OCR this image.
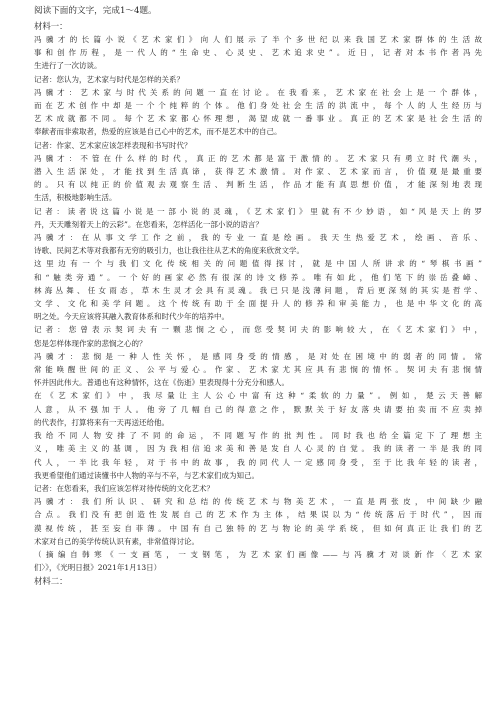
阅读下面的文字，完成1～4题。
材料一：
冯骥才的长篇小说《艺术家们》向人们展示了半个多世纪以来我国艺术家群体的生活故
事和创作历程，是一代人的“生命史、心灵史、艺术追求史”。近日，记者对本书作者冯先
生进行了一次访谈。
记者：您认为，艺术家与时代是怎样的关系？
冯骥才：艺术家与时代关系的问题一直在讨论。在我看来，艺术家在社会上是一个群体，
而在艺术创作中却是一个个纯粹的个体。他们身处社会生活的洪流中，每个人的人生经历与
艺术成就都不同。每个艺术家都心怀理想，渴望成就一番事业。真正的艺术家是社会生活的
奉献者而非索取者，热爱的应该是自己心中的艺术，而不是艺术中的自己。
记者：作家、艺术家应该怎样表现和书写时代？
冯骥才：不管在什么样的时代，真正的艺术都是富于激情的。艺术家只有勇立时代潮头，
潜入生活深处，才能找到生活真谛，获得艺术激情。对作家、艺术家而言，价值观是最重要
的。只有以纯正的价值观去观察生活、判断生活，作品才能有真思想价值，才能深刻地表现
生活，积极地影响生活。
记者：读者说这篇小说是一部小说的灵魂，《艺术家们》里就有不少妙语，如“风是天上的罗
丹，天天雕刻着天上的云彩”。在您看来，怎样活化一部小说的语言？
冯骥才：在从事文学工作之前，我的专业一直是绘画。我天生热爱艺术，绘画、音乐、
诗歌、民间艺术等对我都有无穷的吸引力，也让我往往从艺术的角度来欣赏文学。
这里边有一个与我们文化传统相关的问题值得探讨，就是中国人所讲求的“琴棋书画”
和“触类旁通”。一个好的画家必然有很深的诗文修养。唯有如此，他们笔下的崇岳叠嶂、
林海丛舞、任女雨态，草木生灵才会具有灵魂。我已只是浅薄问题，背后更深刻的其实是哲学、
文学、文化和美学问题。这个传统有助于全面提升人的修养和审美能力，也是中华文化的高
明之处。今天应该将其融入教育体系和时代少年的培养中。
记者：您曾表示契诃夫有一颗悲悯之心，而您受契诃夫的影响较大，在《艺术家们》中，
您是怎样体现作家的悲悯之心的？
冯骥才：悲悯是一种人性关怀，是感同身受的情感，是对处在困境中的弱者的同情。常
常能唤醒世间的正义、公平与爱心。作家、艺术家尤其应具有悲悯的情怀。契诃夫有悲悯情
怀并因此伟大。普通也有这种情怀，这在《伤逝》里表现得十分充分和感人。
在《艺术家们》中，我尽量让主人公心中富有这种“柔软的力量”。例如，楚云天善解
人意，从不强加于人。他旁了几幅自己的得意之作，默默关于好友落央请要拍卖而不应卖掉
的代表作，打算将来有一天再送还给他。
我给不同人物安排了不同的命运，不同题写作的批判性。同时我也给全篇定下了理想主
义，唯美主义的基调，因为我相信追求美和善是发自人心灵的自觉。我的读者一半是我的同
代人，一半比我年轻，对于书中的故事，我的同代人一定感同身受，至于比我年轻的读者，
我更希望他们通过读懂书中人物的辛与不辛，与艺术家们成为知己。
记者：在您看来，我们应该怎样对待传统的文化艺术？
冯骥才：我们所认识、研究和总结的传统艺术与物美艺术，一直是两张皮，中间缺少融
合点。我们没有把创造性发展自己的艺术作为主体，结果误以为“传统落后于时代”，因而
漠视传统，甚至妄自菲薄。中国有自己独特的艺与物论的美学系统，但如何真正让我们的艺
术家对自己的美学传统认识有素，非常值得讨论。
（摘编自韩寒《一支画笔，一支钢笔，为艺术家们画像——与冯骥才对谈新作〈艺术家
们〉》，《光明日报》2021年1月13日）
材料二：
